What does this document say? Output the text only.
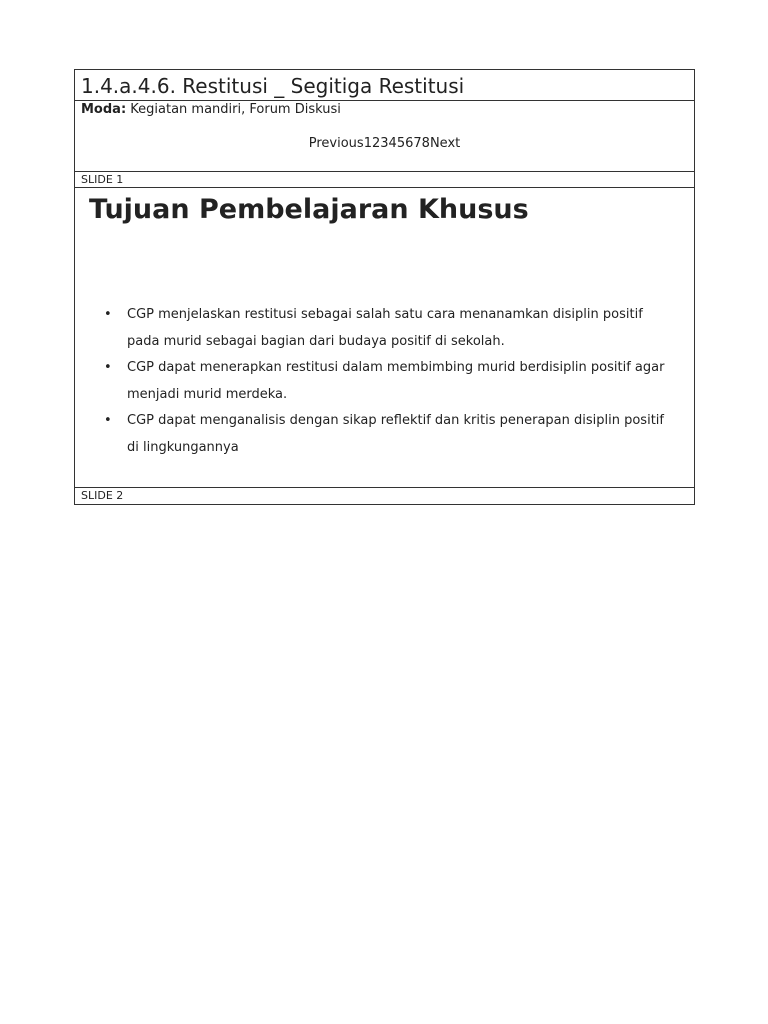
1.4.a.4.6. Restitusi _ Segitiga Restitusi
Moda: Kegiatan mandiri, Forum Diskusi
Previous12345678Next
SLIDE 1
Tujuan Pembelajaran Khusus
• CGP menjelaskan restitusi sebagai salah satu cara menanamkan disiplin positif pada murid sebagai bagian dari budaya positif di sekolah.
• CGP dapat menerapkan restitusi dalam membimbing murid berdisiplin positif agar menjadi murid merdeka.
• CGP dapat menganalisis dengan sikap reflektif dan kritis penerapan disiplin positif di lingkungannya
SLIDE 2
